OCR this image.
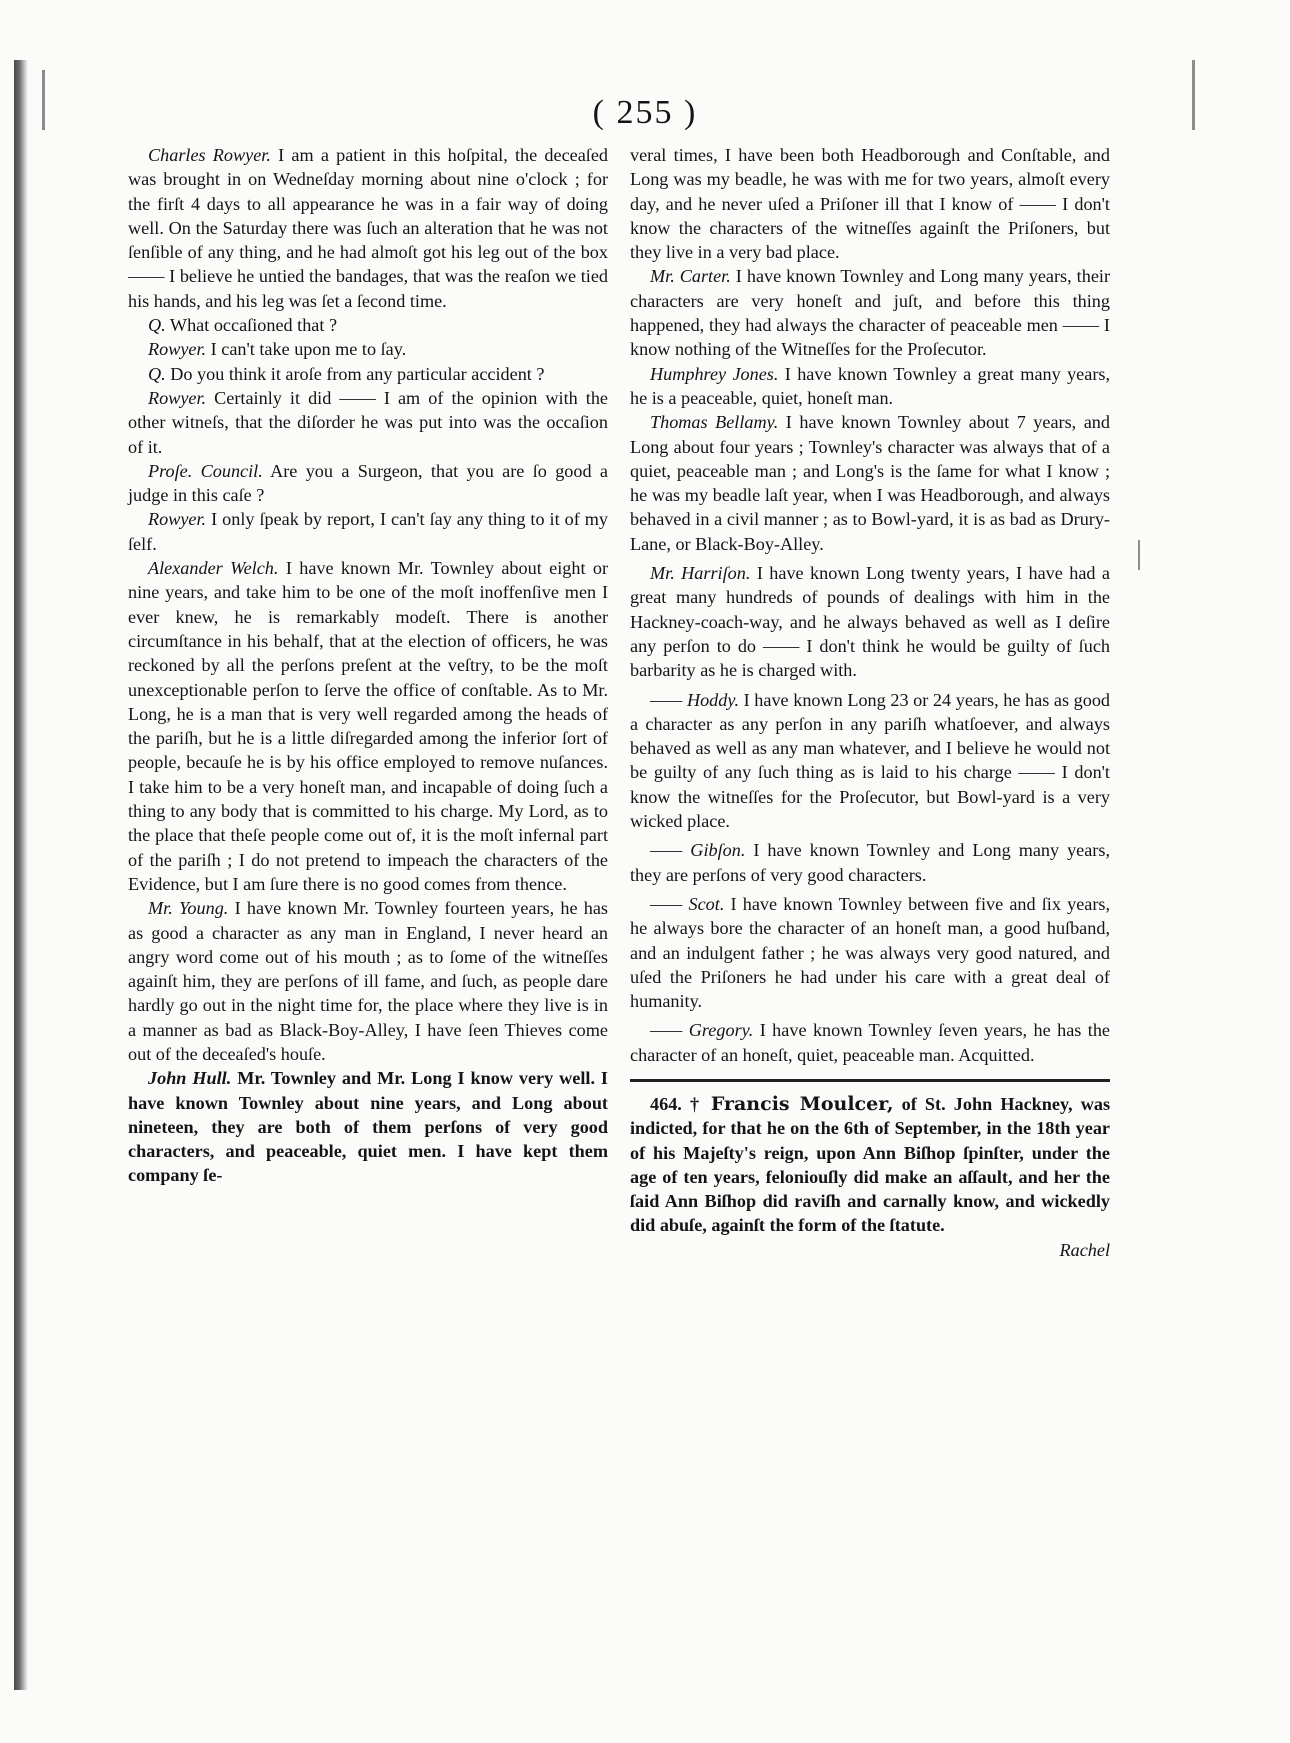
( 255 )

Charles Rowyer. I am a patient in this hoſpital, the deceaſed was brought in on Wedneſday morning about nine o'clock ; for the firſt 4 days to all appearance he was in a fair way of doing well. On the Saturday there was ſuch an alteration that he was not ſenſible of any thing, and he had almoſt got his leg out of the box —— I believe he untied the bandages, that was the reaſon we tied his hands, and his leg was ſet a ſecond time.

Q. What occaſioned that ?

Rowyer. I can't take upon me to ſay.

Q. Do you think it aroſe from any particular accident ?

Rowyer. Certainly it did —— I am of the opinion with the other witneſs, that the diſorder he was put into was the occaſion of it.

Proſe. Council. Are you a Surgeon, that you are ſo good a judge in this caſe ?

Rowyer. I only ſpeak by report, I can't ſay any thing to it of my ſelf.

Alexander Welch. I have known Mr. Townley about eight or nine years, and take him to be one of the moſt inoffenſive men I ever knew, he is remarkably modeſt. There is another circumſtance in his behalf, that at the election of officers, he was reckoned by all the perſons preſent at the veſtry, to be the moſt unexceptionable perſon to ſerve the office of conſtable. As to Mr. Long, he is a man that is very well regarded among the heads of the pariſh, but he is a little diſregarded among the inferior ſort of people, becauſe he is by his office employed to remove nuſances. I take him to be a very honeſt man, and incapable of doing ſuch a thing to any body that is committed to his charge. My Lord, as to the place that theſe people come out of, it is the moſt infernal part of the pariſh ; I do not pretend to impeach the characters of the Evidence, but I am ſure there is no good comes from thence.

Mr. Young. I have known Mr. Townley fourteen years, he has as good a character as any man in England, I never heard an angry word come out of his mouth ; as to ſome of the witneſſes againſt him, they are perſons of ill fame, and ſuch, as people dare hardly go out in the night time for, the place where they live is in a manner as bad as Black-Boy-Alley, I have ſeen Thieves come out of the deceaſed's houſe.

John Hull. Mr. Townley and Mr. Long I know very well. I have known Townley about nine years, and Long about nineteen, they are both of them perſons of very good characters, and peaceable, quiet men. I have kept them company ſe-

veral times, I have been both Headborough and Conſtable, and Long was my beadle, he was with me for two years, almoſt every day, and he never uſed a Priſoner ill that I know of —— I don't know the characters of the witneſſes againſt the Priſoners, but they live in a very bad place.

Mr. Carter. I have known Townley and Long many years, their characters are very honeſt and juſt, and before this thing happened, they had always the character of peaceable men —— I know nothing of the Witneſſes for the Proſecutor.

Humphrey Jones. I have known Townley a great many years, he is a peaceable, quiet, honeſt man.

Thomas Bellamy. I have known Townley about 7 years, and Long about four years ; Townley's character was always that of a quiet, peaceable man ; and Long's is the ſame for what I know ; he was my beadle laſt year, when I was Headborough, and always behaved in a civil manner ; as to Bowl-yard, it is as bad as Drury-Lane, or Black-Boy-Alley.

Mr. Harriſon. I have known Long twenty years, I have had a great many hundreds of pounds of dealings with him in the Hackney-coach-way, and he always behaved as well as I deſire any perſon to do —— I don't think he would be guilty of ſuch barbarity as he is charged with.

—— Hoddy. I have known Long 23 or 24 years, he has as good a character as any perſon in any pariſh whatſoever, and always behaved as well as any man whatever, and I believe he would not be guilty of any ſuch thing as is laid to his charge —— I don't know the witneſſes for the Proſecutor, but Bowl-yard is a very wicked place.

—— Gibſon. I have known Townley and Long many years, they are perſons of very good characters.

—— Scot. I have known Townley between five and ſix years, he always bore the character of an honeſt man, a good huſband, and an indulgent father ; he was always very good natured, and uſed the Priſoners he had under his care with a great deal of humanity.

—— Gregory. I have known Townley ſeven years, he has the character of an honeſt, quiet, peaceable man. Acquitted.

464. † Francis Moulcer, of St. John Hackney, was indicted, for that he on the 6th of September, in the 18th year of his Majeſty's reign, upon Ann Biſhop ſpinſter, under the age of ten years, feloniouſly did make an aſſault, and her the ſaid Ann Biſhop did raviſh and carnally know, and wickedly did abuſe, againſt the form of the ſtatute.

Rachel
